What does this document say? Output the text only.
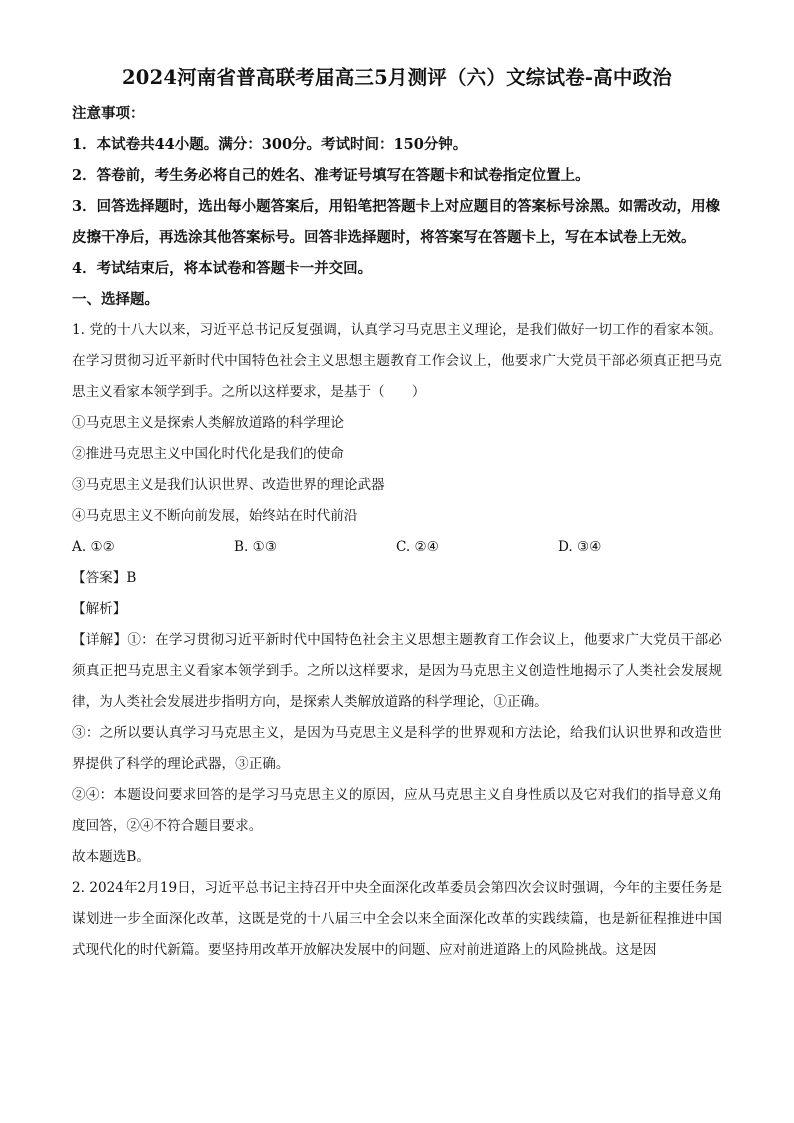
2024河南省普高联考届高三5月测评（六）文综试卷-高中政治
注意事项：
1．本试卷共44小题。满分：300分。考试时间：150分钟。
2．答卷前，考生务必将自己的姓名、准考证号填写在答题卡和试卷指定位置上。
3．回答选择题时，选出每小题答案后，用铅笔把答题卡上对应题目的答案标号涂黑。如需改动，用橡皮擦干净后，再选涂其他答案标号。回答非选择题时，将答案写在答题卡上，写在本试卷上无效。
4．考试结束后，将本试卷和答题卡一并交回。
一、选择题。
1. 党的十八大以来，习近平总书记反复强调，认真学习马克思主义理论，是我们做好一切工作的看家本领。在学习贯彻习近平新时代中国特色社会主义思想主题教育工作会议上，他要求广大党员干部必须真正把马克思主义看家本领学到手。之所以这样要求，是基于（　　）
①马克思主义是探索人类解放道路的科学理论
②推进马克思主义中国化时代化是我们的使命
③马克思主义是我们认识世界、改造世界的理论武器
④马克思主义不断向前发展，始终站在时代前沿
A. ①②	B. ①③	C. ②④	D. ③④
【答案】B
【解析】
【详解】①：在学习贯彻习近平新时代中国特色社会主义思想主题教育工作会议上，他要求广大党员干部必须真正把马克思主义看家本领学到手。之所以这样要求，是因为马克思主义创造性地揭示了人类社会发展规律，为人类社会发展进步指明方向，是探索人类解放道路的科学理论，①正确。
③：之所以要认真学习马克思主义，是因为马克思主义是科学的世界观和方法论，给我们认识世界和改造世界提供了科学的理论武器，③正确。
②④：本题设问要求回答的是学习马克思主义的原因，应从马克思主义自身性质以及它对我们的指导意义角度回答，②④不符合题目要求。
故本题选B。
2. 2024年2月19日，习近平总书记主持召开中央全面深化改革委员会第四次会议时强调，今年的主要任务是谋划进一步全面深化改革，这既是党的十八届三中全会以来全面深化改革的实践续篇，也是新征程推进中国式现代化的时代新篇。要坚持用改革开放解决发展中的问题、应对前进道路上的风险挑战。这是因
